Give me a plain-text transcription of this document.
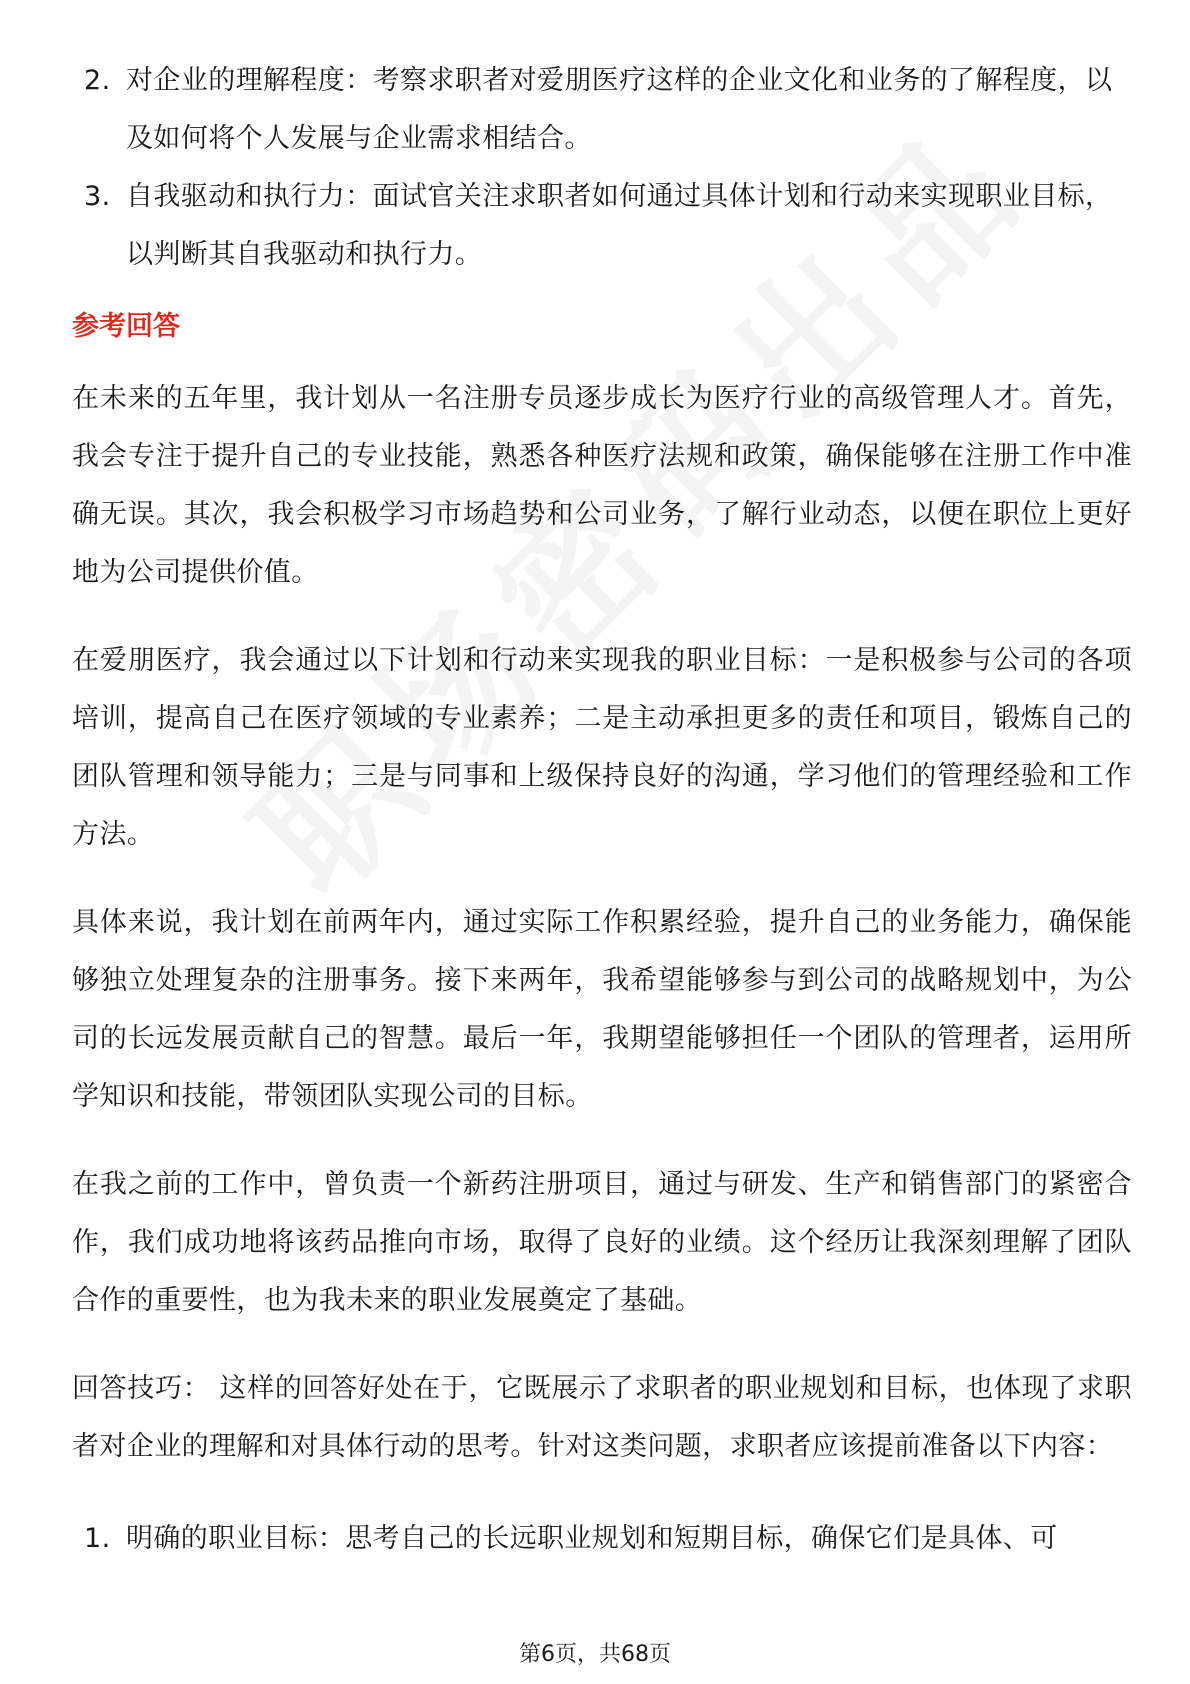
2. 对企业的理解程度：考察求职者对爱朋医疗这样的企业文化和业务的了解程度，以及如何将个人发展与企业需求相结合。
3. 自我驱动和执行力：面试官关注求职者如何通过具体计划和行动来实现职业目标，以判断其自我驱动和执行力。
参考回答

在未来的五年里，我计划从一名注册专员逐步成长为医疗行业的高级管理人才。首先，我会专注于提升自己的专业技能，熟悉各种医疗法规和政策，确保能够在注册工作中准确无误。其次，我会积极学习市场趋势和公司业务，了解行业动态，以便在职位上更好地为公司提供价值。

在爱朋医疗，我会通过以下计划和行动来实现我的职业目标：一是积极参与公司的各项培训，提高自己在医疗领域的专业素养；二是主动承担更多的责任和项目，锻炼自己的团队管理和领导能力；三是与同事和上级保持良好的沟通，学习他们的管理经验和工作方法。

具体来说，我计划在前两年内，通过实际工作积累经验，提升自己的业务能力，确保能够独立处理复杂的注册事务。接下来两年，我希望能够参与到公司的战略规划中，为公司的长远发展贡献自己的智慧。最后一年，我期望能够担任一个团队的管理者，运用所学知识和技能，带领团队实现公司的目标。

在我之前的工作中，曾负责一个新药注册项目，通过与研发、生产和销售部门的紧密合作，我们成功地将该药品推向市场，取得了良好的业绩。这个经历让我深刻理解了团队合作的重要性，也为我未来的职业发展奠定了基础。

回答技巧： 这样的回答好处在于，它既展示了求职者的职业规划和目标，也体现了求职者对企业的理解和对具体行动的思考。针对这类问题，求职者应该提前准备以下内容：

1. 明确的职业目标：思考自己的长远职业规划和短期目标，确保它们是具体、可
第6页，共68页
